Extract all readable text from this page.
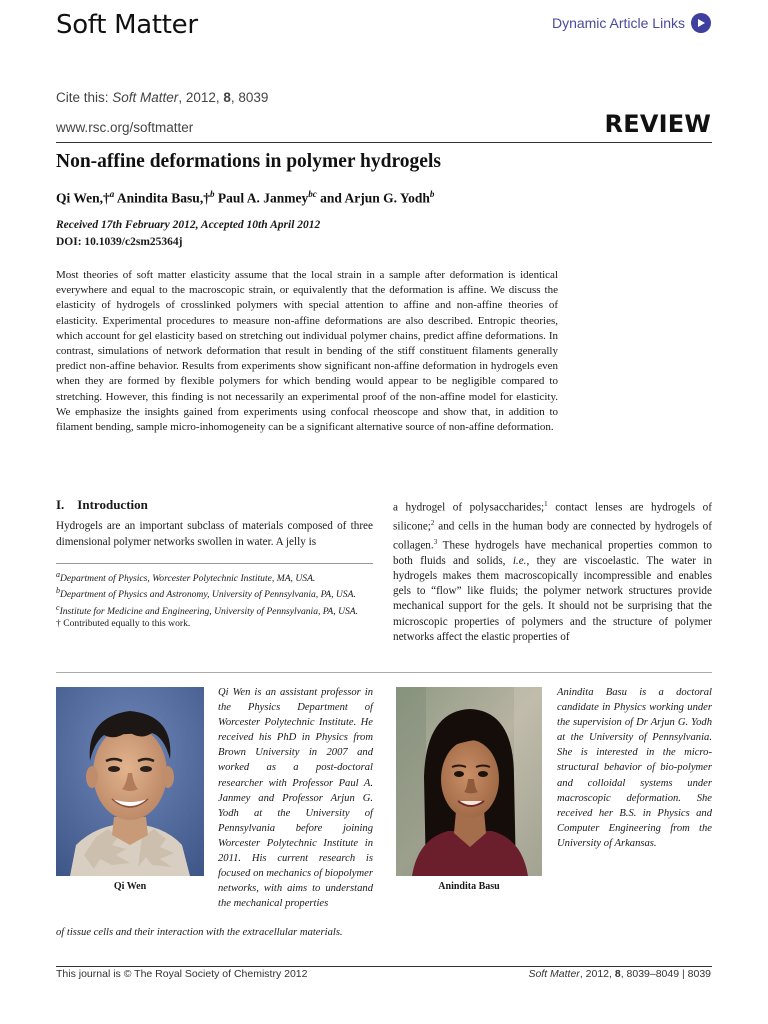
Soft Matter	Dynamic Article Links
Cite this: Soft Matter, 2012, 8, 8039
www.rsc.org/softmatter	REVIEW
Non-affine deformations in polymer hydrogels
Qi Wen,†$^a$ Anindita Basu,†$^b$ Paul A. Janmey$^{bc}$ and Arjun G. Yodh$^b$
Received 17th February 2012, Accepted 10th April 2012
DOI: 10.1039/c2sm25364j
Most theories of soft matter elasticity assume that the local strain in a sample after deformation is identical everywhere and equal to the macroscopic strain, or equivalently that the deformation is affine. We discuss the elasticity of hydrogels of crosslinked polymers with special attention to affine and non-affine theories of elasticity. Experimental procedures to measure non-affine deformations are also described. Entropic theories, which account for gel elasticity based on stretching out individual polymer chains, predict affine deformations. In contrast, simulations of network deformation that result in bending of the stiff constituent filaments generally predict non-affine behavior. Results from experiments show significant non-affine deformation in hydrogels even when they are formed by flexible polymers for which bending would appear to be negligible compared to stretching. However, this finding is not necessarily an experimental proof of the non-affine model for elasticity. We emphasize the insights gained from experiments using confocal rheoscope and show that, in addition to filament bending, sample micro-inhomogeneity can be a significant alternative source of non-affine deformation.
I. Introduction
Hydrogels are an important subclass of materials composed of three dimensional polymer networks swollen in water. A jelly is
a hydrogel of polysaccharides;$^1$ contact lenses are hydrogels of silicone;$^2$ and cells in the human body are connected by hydrogels of collagen.$^3$ These hydrogels have mechanical properties common to both fluids and solids, i.e., they are viscoelastic. The water in hydrogels makes them macroscopically incompressible and enables gels to “flow” like fluids; the polymer network structures provide mechanical support for the gels. It should not be surprising that the microscopic properties of polymers and the structure of polymer networks affect the elastic properties of

$^a$Department of Physics, Worcester Polytechnic Institute, MA, USA.

$^b$Department of Physics and Astronomy, University of Pennsylvania, PA, USA.

$^c$Institute for Medicine and Engineering, University of Pennsylvania, PA, USA.

† Contributed equally to this work.

Qi Wen
Qi Wen is an assistant professor in the Physics Department of Worcester Polytechnic Institute. He received his PhD in Physics from Brown University in 2007 and worked as a post-doctoral researcher with Professor Paul A. Janmey and Professor Arjun G. Yodh at the University of Pennsylvania before joining Worcester Polytechnic Institute in 2011. His current research is focused on mechanics of biopolymer networks, with aims to understand the mechanical properties
of tissue cells and their interaction with the extracellular materials.
Anindita Basu
Anindita Basu is a doctoral candidate in Physics working under the supervision of Dr Arjun G. Yodh at the University of Pennsylvania. She is interested in the micro-structural behavior of bio-polymer and colloidal systems under macroscopic deformation. She received her B.S. in Physics and Computer Engineering from the University of Arkansas.
This journal is © The Royal Society of Chemistry 2012	Soft Matter, 2012, 8, 8039–8049 | 8039
